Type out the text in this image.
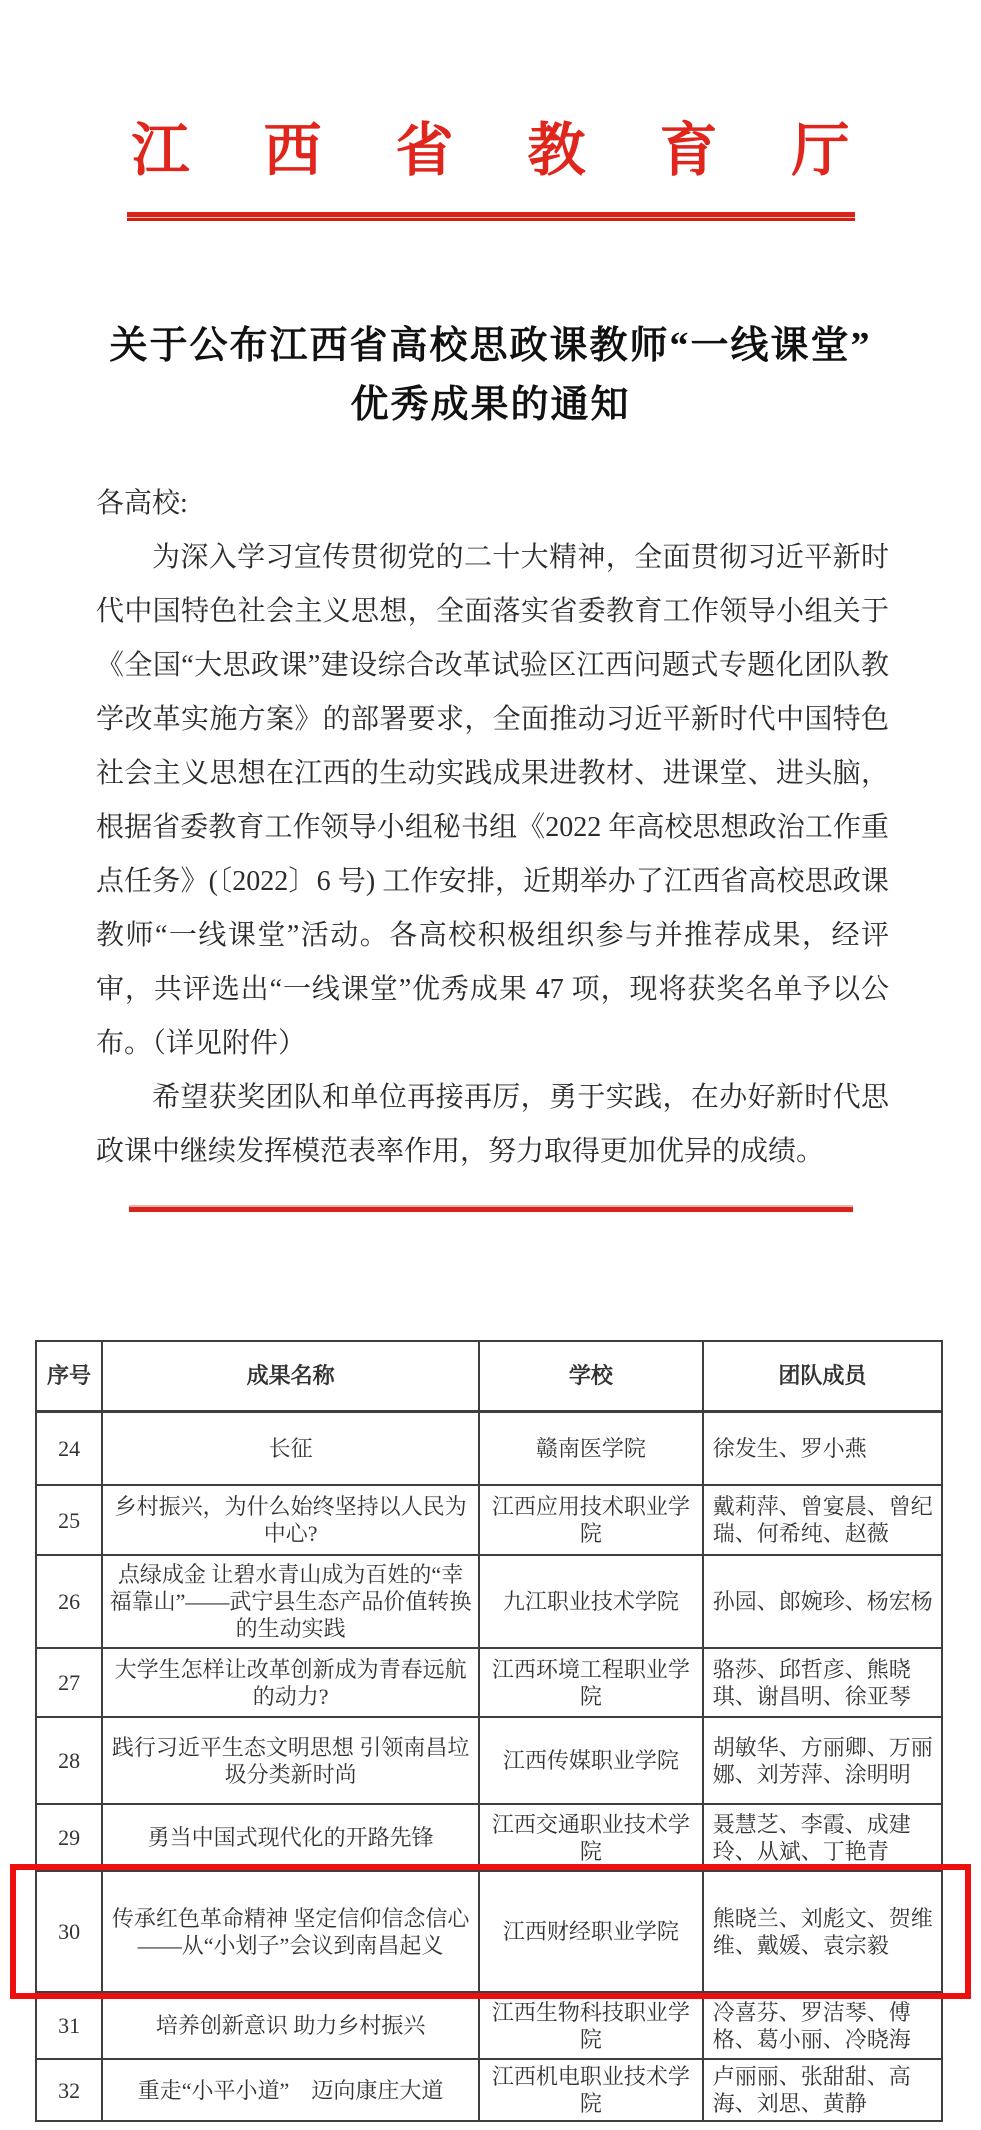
江　西　省　教　育　厅
关于公布江西省高校思政课教师“一线课堂”
优秀成果的通知

各高校:

为深入学习宣传贯彻党的二十大精神，全面贯彻习近平新时代中国特色社会主义思想，全面落实省委教育工作领导小组关于《全国“大思政课”建设综合改革试验区江西问题式专题化团队教学改革实施方案》的部署要求，全面推动习近平新时代中国特色社会主义思想在江西的生动实践成果进教材、进课堂、进头脑，根据省委教育工作领导小组秘书组《2022 年高校思想政治工作重点任务》(〔2022〕6 号) 工作安排，近期举办了江西省高校思政课教师“一线课堂”活动。各高校积极组织参与并推荐成果，经评审，共评选出“一线课堂”优秀成果 47 项，现将获奖名单予以公布。（详见附件）

希望获奖团队和单位再接再厉，勇于实践，在办好新时代思政课中继续发挥模范表率作用，努力取得更加优异的成绩。

序号	成果名称	学校	团队成员
24	长征	赣南医学院	徐发生、罗小燕
25	乡村振兴，为什么始终坚持以人民为中心?	江西应用技术职业学院	戴莉萍、曾宴晨、曾纪瑞、何希纯、赵薇
26	点绿成金 让碧水青山成为百姓的“幸福靠山”——武宁县生态产品价值转换的生动实践	九江职业技术学院	孙园、郎婉珍、杨宏杨
27	大学生怎样让改革创新成为青春远航的动力?	江西环境工程职业学院	骆莎、邱哲彦、熊晓琪、谢昌明、徐亚琴
28	践行习近平生态文明思想 引领南昌垃圾分类新时尚	江西传媒职业学院	胡敏华、方丽卿、万丽娜、刘芳萍、涂明明
29	勇当中国式现代化的开路先锋	江西交通职业技术学院	聂慧芝、李霞、成建玲、从斌、丁艳青
30	传承红色革命精神 坚定信仰信念信心——从“小划子”会议到南昌起义	江西财经职业学院	熊晓兰、刘彪文、贺维维、戴媛、袁宗毅
31	培养创新意识 助力乡村振兴	江西生物科技职业学院	冷喜芬、罗洁琴、傅格、葛小丽、冷晓海
32	重走“小平小道”　迈向康庄大道	江西机电职业技术学院	卢丽丽、张甜甜、高海、刘思、黄静
